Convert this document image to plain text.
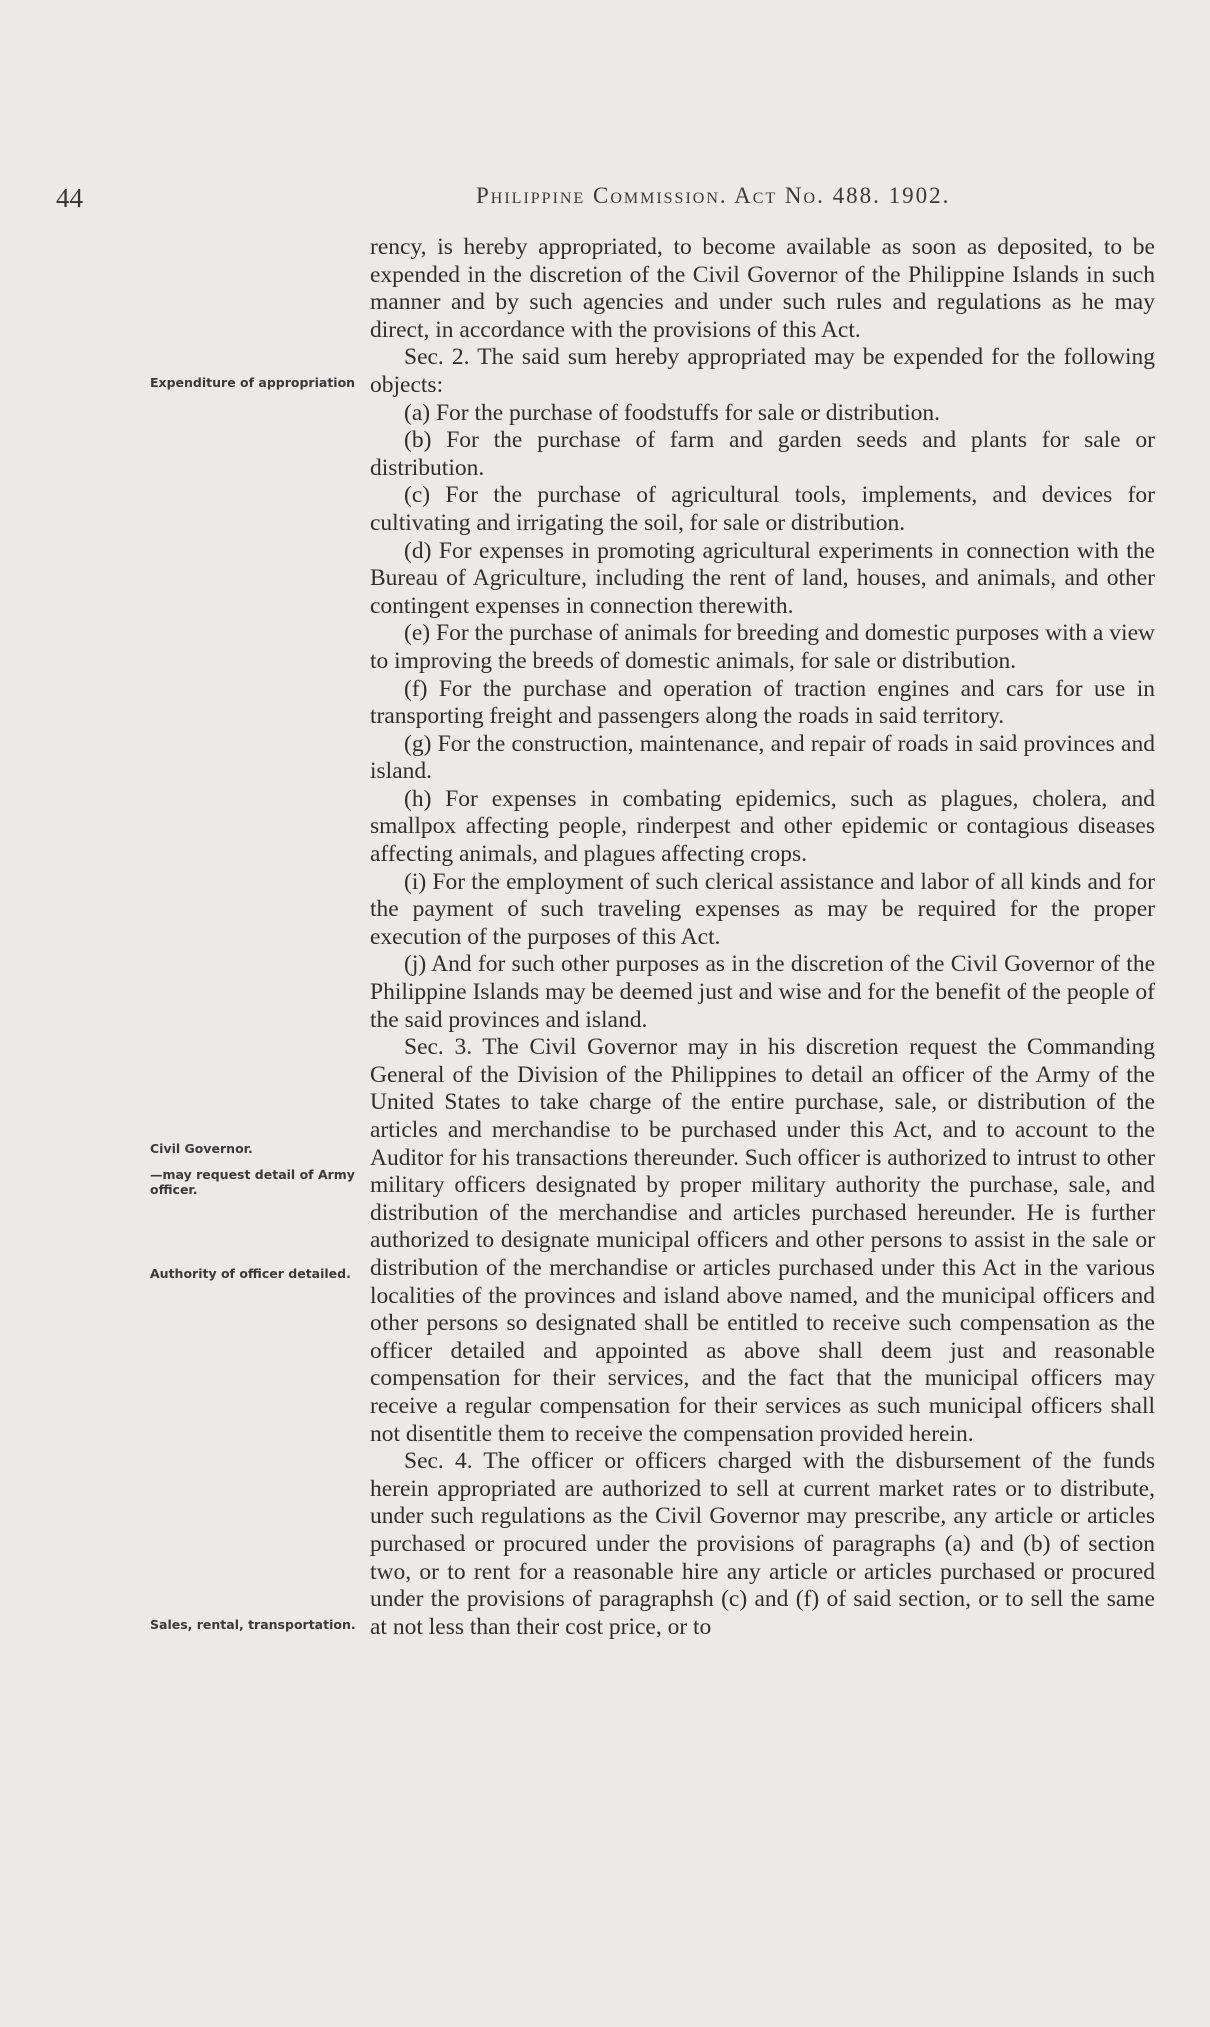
44	Philippine Commission. Act No. 488. 1902.
Expenditure of appropriation
Civil Governor.
—may request detail of Army officer.
Authority of officer detailed.
Sales, rental, transportation.

rency, is hereby appropriated, to become available as soon as deposited, to be expended in the discretion of the Civil Governor of the Philippine Islands in such manner and by such agencies and under such rules and regulations as he may direct, in accordance with the provisions of this Act.

Sec. 2. The said sum hereby appropriated may be expended for the following objects:

(a) For the purchase of foodstuffs for sale or distribution.

(b) For the purchase of farm and garden seeds and plants for sale or distribution.

(c) For the purchase of agricultural tools, implements, and devices for cultivating and irrigating the soil, for sale or distribution.

(d) For expenses in promoting agricultural experiments in connection with the Bureau of Agriculture, including the rent of land, houses, and animals, and other contingent expenses in connection therewith.

(e) For the purchase of animals for breeding and domestic purposes with a view to improving the breeds of domestic animals, for sale or distribution.

(f) For the purchase and operation of traction engines and cars for use in transporting freight and passengers along the roads in said territory.

(g) For the construction, maintenance, and repair of roads in said provinces and island.

(h) For expenses in combating epidemics, such as plagues, cholera, and smallpox affecting people, rinderpest and other epidemic or contagious diseases affecting animals, and plagues affecting crops.

(i) For the employment of such clerical assistance and labor of all kinds and for the payment of such traveling expenses as may be required for the proper execution of the purposes of this Act.

(j) And for such other purposes as in the discretion of the Civil Governor of the Philippine Islands may be deemed just and wise and for the benefit of the people of the said provinces and island.

Sec. 3. The Civil Governor may in his discretion request the Commanding General of the Division of the Philippines to detail an officer of the Army of the United States to take charge of the entire purchase, sale, or distribution of the articles and merchandise to be purchased under this Act, and to account to the Auditor for his transactions thereunder. Such officer is authorized to intrust to other military officers designated by proper military authority the purchase, sale, and distribution of the merchandise and articles purchased hereunder. He is further authorized to designate municipal officers and other persons to assist in the sale or distribution of the merchandise or articles purchased under this Act in the various localities of the provinces and island above named, and the municipal officers and other persons so designated shall be entitled to receive such compensation as the officer detailed and appointed as above shall deem just and reasonable compensation for their services, and the fact that the municipal officers may receive a regular compensation for their services as such municipal officers shall not disentitle them to receive the compensation provided herein.

Sec. 4. The officer or officers charged with the disbursement of the funds herein appropriated are authorized to sell at current market rates or to distribute, under such regulations as the Civil Governor may prescribe, any article or articles purchased or procured under the provisions of paragraphs (a) and (b) of section two, or to rent for a reasonable hire any article or articles purchased or procured under the provisions of paragraphsh (c) and (f) of said section, or to sell the same at not less than their cost price, or to
